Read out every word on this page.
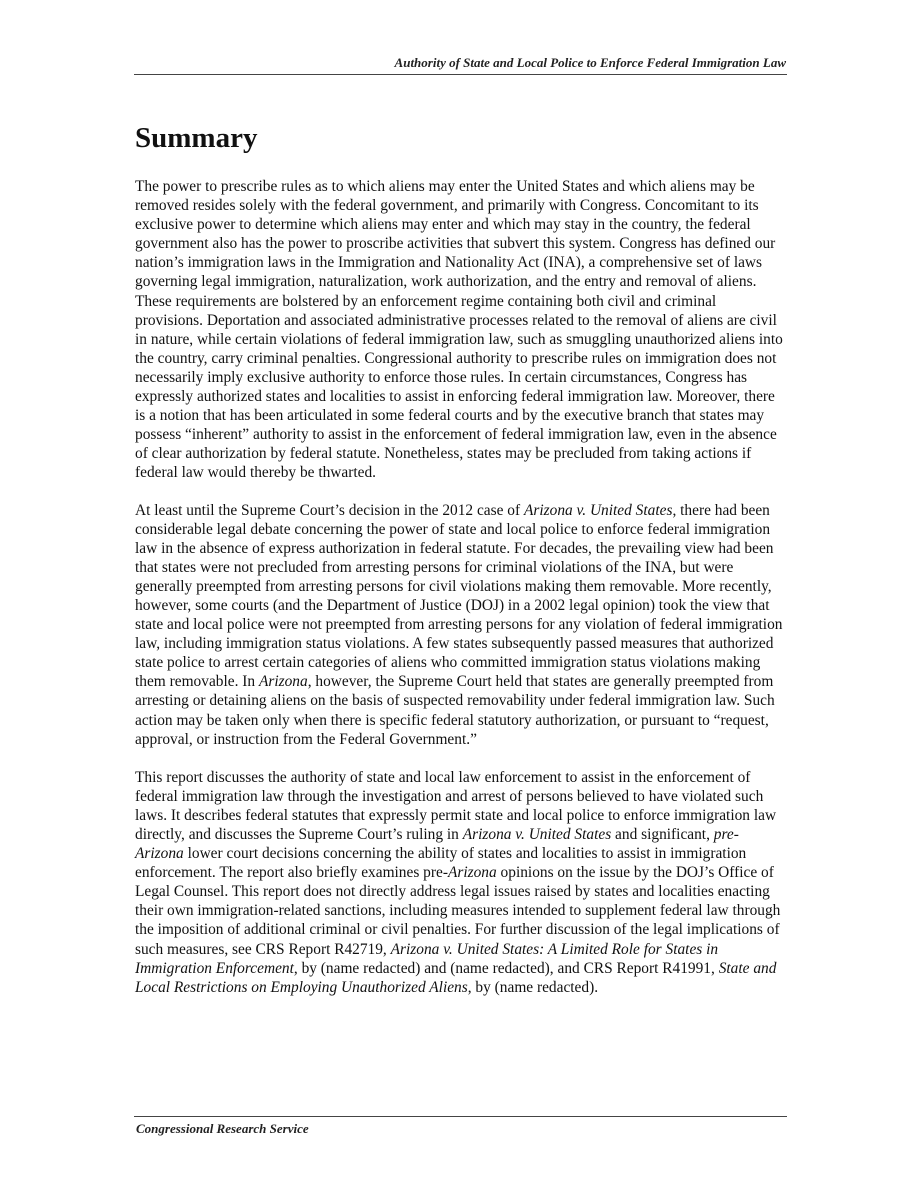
Authority of State and Local Police to Enforce Federal Immigration Law
Summary

The power to prescribe rules as to which aliens may enter the United States and which aliens may be removed resides solely with the federal government, and primarily with Congress. Concomitant to its exclusive power to determine which aliens may enter and which may stay in the country, the federal government also has the power to proscribe activities that subvert this system. Congress has defined our nation’s immigration laws in the Immigration and Nationality Act (INA), a comprehensive set of laws governing legal immigration, naturalization, work authorization, and the entry and removal of aliens. These requirements are bolstered by an enforcement regime containing both civil and criminal provisions. Deportation and associated administrative processes related to the removal of aliens are civil in nature, while certain violations of federal immigration law, such as smuggling unauthorized aliens into the country, carry criminal penalties. Congressional authority to prescribe rules on immigration does not necessarily imply exclusive authority to enforce those rules. In certain circumstances, Congress has expressly authorized states and localities to assist in enforcing federal immigration law. Moreover, there is a notion that has been articulated in some federal courts and by the executive branch that states may possess “inherent” authority to assist in the enforcement of federal immigration law, even in the absence of clear authorization by federal statute. Nonetheless, states may be precluded from taking actions if federal law would thereby be thwarted.

At least until the Supreme Court’s decision in the 2012 case of Arizona v. United States, there had been considerable legal debate concerning the power of state and local police to enforce federal immigration law in the absence of express authorization in federal statute. For decades, the prevailing view had been that states were not precluded from arresting persons for criminal violations of the INA, but were generally preempted from arresting persons for civil violations making them removable. More recently, however, some courts (and the Department of Justice (DOJ) in a 2002 legal opinion) took the view that state and local police were not preempted from arresting persons for any violation of federal immigration law, including immigration status violations. A few states subsequently passed measures that authorized state police to arrest certain categories of aliens who committed immigration status violations making them removable. In Arizona, however, the Supreme Court held that states are generally preempted from arresting or detaining aliens on the basis of suspected removability under federal immigration law. Such action may be taken only when there is specific federal statutory authorization, or pursuant to “request, approval, or instruction from the Federal Government.”

This report discusses the authority of state and local law enforcement to assist in the enforcement of federal immigration law through the investigation and arrest of persons believed to have violated such laws. It describes federal statutes that expressly permit state and local police to enforce immigration law directly, and discusses the Supreme Court’s ruling in Arizona v. United States and significant, pre-Arizona lower court decisions concerning the ability of states and localities to assist in immigration enforcement. The report also briefly examines pre-Arizona opinions on the issue by the DOJ’s Office of Legal Counsel. This report does not directly address legal issues raised by states and localities enacting their own immigration-related sanctions, including measures intended to supplement federal law through the imposition of additional criminal or civil penalties. For further discussion of the legal implications of such measures, see CRS Report R42719, Arizona v. United States: A Limited Role for States in Immigration Enforcement, by (name redacted) and (name redacted), and CRS Report R41991, State and Local Restrictions on Employing Unauthorized Aliens, by (name redacted).

Congressional Research Service
